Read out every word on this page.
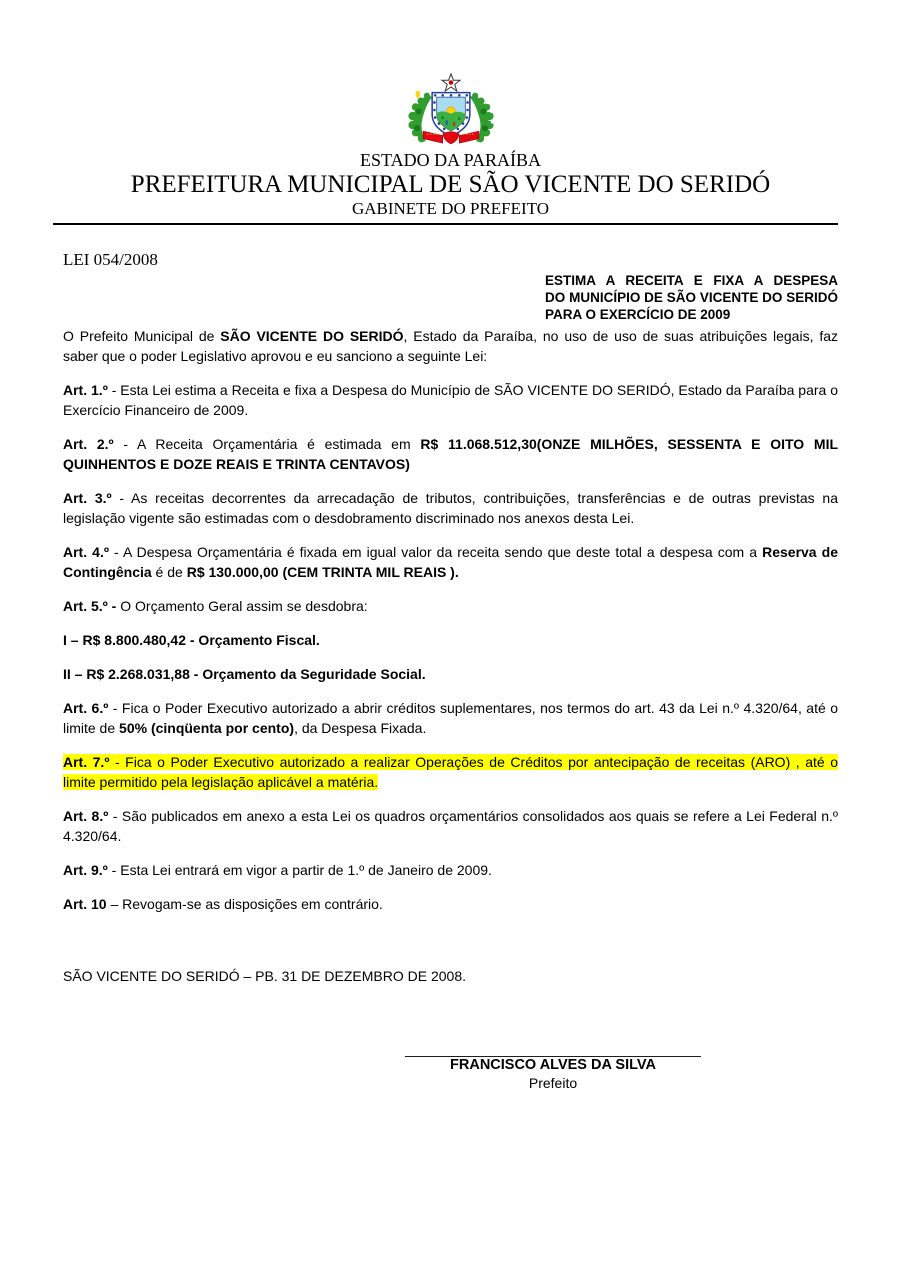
ESTADO DA PARAÍBA
PREFEITURA MUNICIPAL DE SÃO VICENTE DO SERIDÓ
GABINETE DO PREFEITO
LEI 054/2008
ESTIMA A RECEITA E FIXA A DESPESA
DO MUNICÍPIO DE SÃO VICENTE DO SERIDÓ
PARA O EXERCÍCIO DE 2009

O Prefeito Municipal de SÃO VICENTE DO SERIDÓ, Estado da Paraíba, no uso de uso de suas atribuições legais, faz saber que o poder Legislativo aprovou e eu sanciono a seguinte Lei:

Art. 1.º - Esta Lei estima a Receita e fixa a Despesa do Município de SÃO VICENTE DO SERIDÓ, Estado da Paraíba para o Exercício Financeiro de 2009.

Art. 2.º - A Receita Orçamentária é estimada em R$ 11.068.512,30(ONZE MILHÕES, SESSENTA E OITO MIL QUINHENTOS E DOZE REAIS E TRINTA CENTAVOS)

Art. 3.º - As receitas decorrentes da arrecadação de tributos, contribuições, transferências e de outras previstas na legislação vigente são estimadas com o desdobramento discriminado nos anexos desta Lei.

Art. 4.º - A Despesa Orçamentária é fixada em igual valor da receita sendo que deste total a despesa com a Reserva de Contingência é de R$ 130.000,00 (CEM TRINTA MIL REAIS ).

Art. 5.º - O Orçamento Geral assim se desdobra:

I – R$ 8.800.480,42 - Orçamento Fiscal.

II – R$ 2.268.031,88 - Orçamento da Seguridade Social.

Art. 6.º - Fica o Poder Executivo autorizado a abrir créditos suplementares, nos termos do art. 43 da Lei n.º 4.320/64, até o limite de 50% (cinqüenta por cento), da Despesa Fixada.

Art. 7.º - Fica o Poder Executivo autorizado a realizar Operações de Créditos por antecipação de receitas (ARO) , até o limite permitido pela legislação aplicável a matéria.

Art. 8.º - São publicados em anexo a esta Lei os quadros orçamentários consolidados aos quais se refere a Lei Federal n.º 4.320/64.

Art. 9.º - Esta Lei entrará em vigor a partir de 1.º de Janeiro de 2009.

Art. 10 – Revogam-se as disposições em contrário.

SÃO VICENTE DO SERIDÓ – PB. 31 DE DEZEMBRO DE 2008.
______________________________________
FRANCISCO ALVES DA SILVA
Prefeito
